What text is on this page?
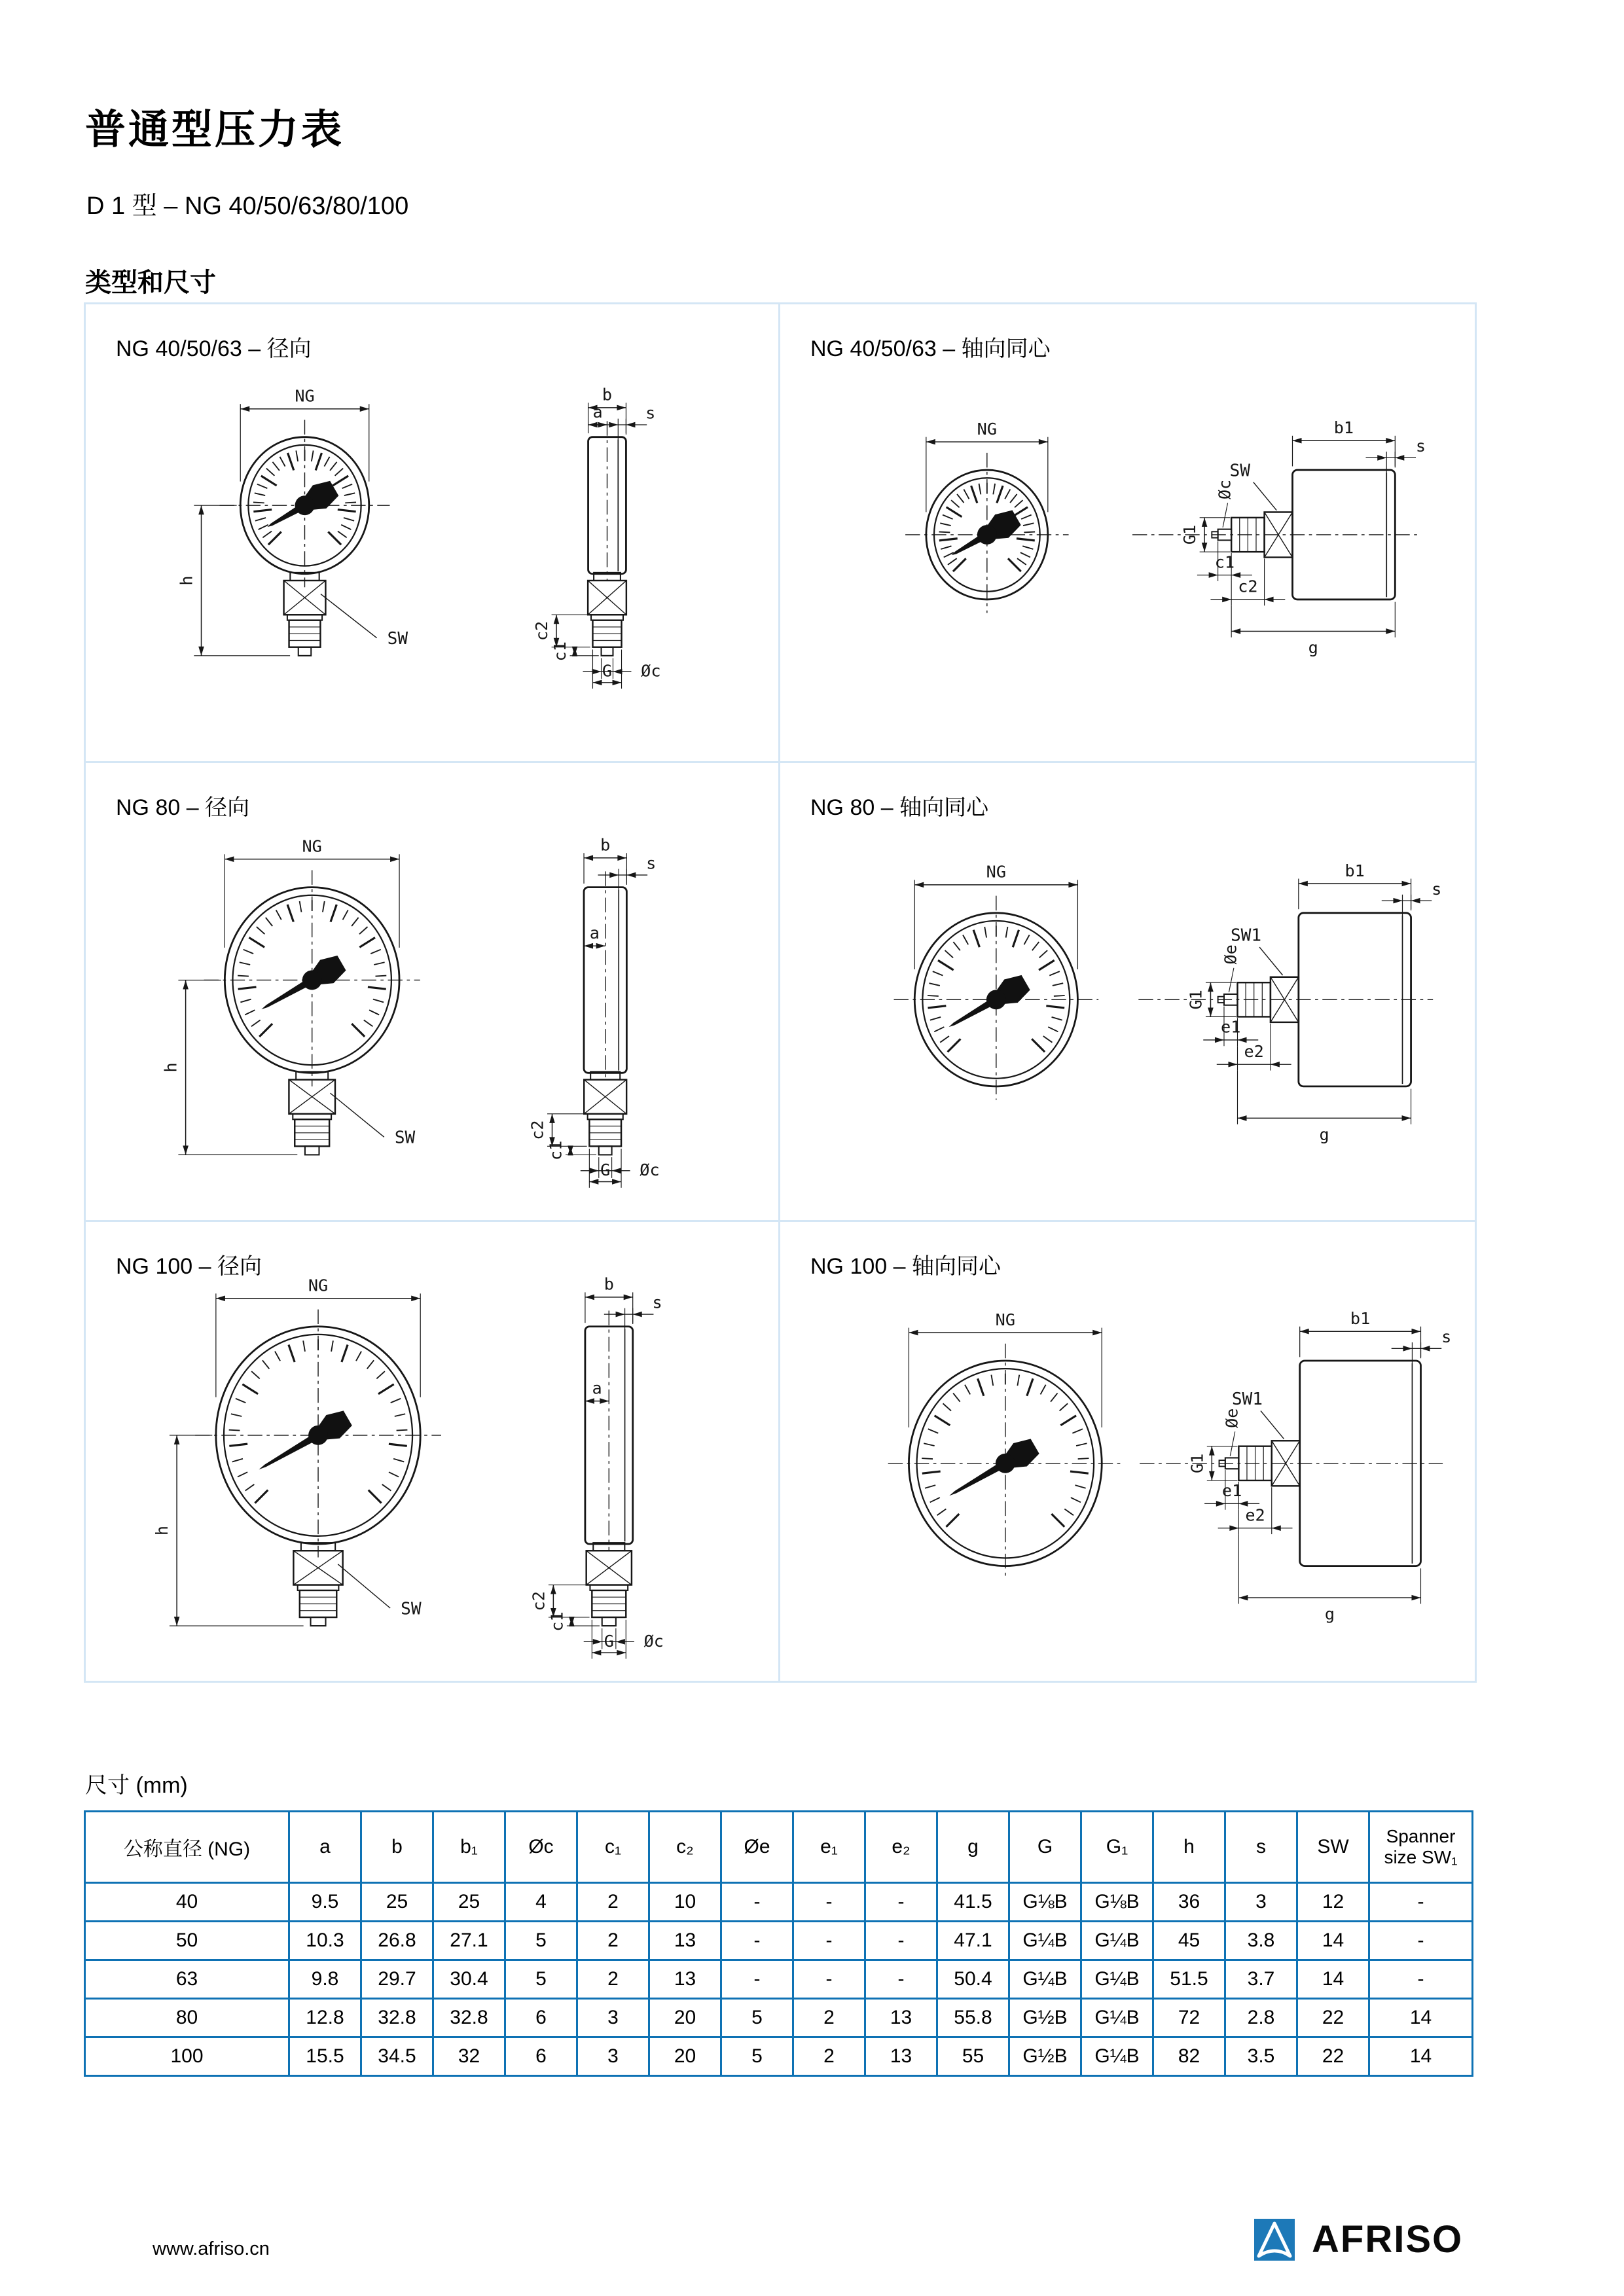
普通型压力表
D 1 型 – NG 40/50/63/80/100
类型和尺寸
NG 40/50/63 – 径向
NG
h
SW
b
s
a
c2
c1
Øc
G
NG 40/50/63 – 轴向同心
NG	b1
s
SW
G1
Øc
c1
c2
g
NG 80 – 径向
NG
h
SW
b
s
a
c2
c1
Øc
G
NG 80 – 轴向同心
NG	b1
s
SW1
G1
Øe
e1
e2
g
NG 100 – 径向
NG
h
SW
b
s
a
c2
c1
Øc
G
NG 100 – 轴向同心
NG	b1
s
SW1
G1
Øe
e1
e2
g
尺寸 (mm)
公称直径 (NG)	a	b	b₁	Øc	c₁	c₂	Øe	e₁	e₂	g	G	G₁	h	s	SW	Spanner size SW₁
40	9.5	25	25	4	2	10	-	-	-	41.5	G⅛B	G⅛B	36	3	12	-
50	10.3	26.8	27.1	5	2	13	-	-	-	47.1	G¼B	G¼B	45	3.8	14	-
63	9.8	29.7	30.4	5	2	13	-	-	-	50.4	G¼B	G¼B	51.5	3.7	14	-
80	12.8	32.8	32.8	6	3	20	5	2	13	55.8	G½B	G¼B	72	2.8	22	14
100	15.5	34.5	32	6	3	20	5	2	13	55	G½B	G¼B	82	3.5	22	14
www.afriso.cn	AFRISO
